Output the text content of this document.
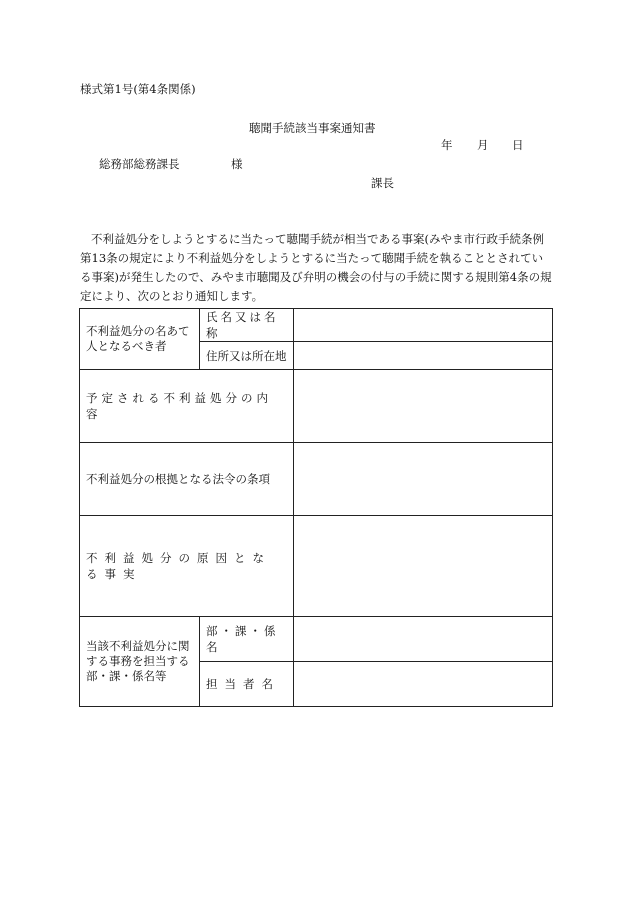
様式第1号(第4条関係)

聴聞手続該当事案通知書

年 月 日

総務部総務課長	様

課長

不利益処分をしようとするに当たって聴聞手続が相当である事案(みやま市行政手続条例第13条の規定により不利益処分をしようとするに当たって聴聞手続を執ることとされている事案)が発生したので、みやま市聴聞及び弁明の機会の付与の手続に関する規則第4条の規定により、次のとおり通知します。

不利益処分の名あて人となるべき者	氏名又は名称	
	住所又は所在地	
予定される不利益処分の内容		
不利益処分の根拠となる法令の条項		
不利益処分の原因となる事実		
当該不利益処分に関する事務を担当する部・課・係名等	部・課・係名	
	担当者名	
